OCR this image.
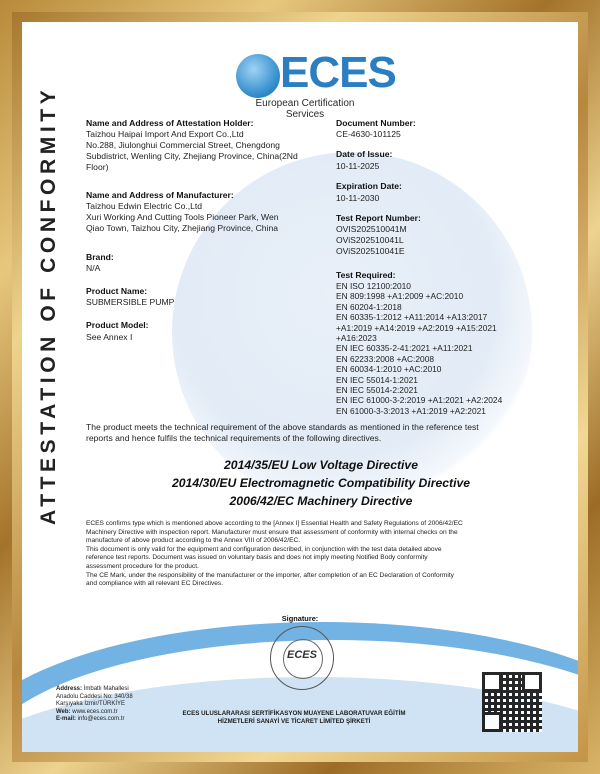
ATTESTATION OF CONFORMITY
ECES
European Certification Services
Name and Address of Attestation Holder:
Taizhou Haipai Import And Export Co.,Ltd
No.288, Jiulonghui Commercial Street, Chengdong
Subdistrict, Wenling City, Zhejiang Province, China(2Nd
Floor)
Name and Address of Manufacturer:
Taizhou Edwin Electric Co.,Ltd
Xuri Working And Cutting Tools Pioneer Park, Wen
Qiao Town, Taizhou City, Zhejiang Province, China
Brand:
N/A
Product Name:
SUBMERSIBLE PUMP
Product Model:
See Annex I
Document Number:
CE-4630-101125
Date of Issue:
10-11-2025
Expiration Date:
10-11-2030
Test Report Number:
OVIS202510041M
OViS202510041L
OViS202510041E
Test Required:
EN ISO 12100:2010
EN 809:1998 +A1:2009 +AC:2010
EN 60204-1:2018
EN 60335-1:2012 +A11:2014 +A13:2017
+A1:2019 +A14:2019 +A2:2019 +A15:2021
+A16:2023
EN IEC 60335-2-41:2021 +A11:2021
EN 62233:2008 +AC:2008
EN 60034-1:2010 +AC:2010
EN IEC 55014-1:2021
EN IEC 55014-2:2021
EN IEC 61000-3-2:2019 +A1:2021 +A2:2024
EN 61000-3-3:2013 +A1:2019 +A2:2021
The product meets the technical requirement of the above standards as mentioned in the reference test
reports and hence fulfils the technical requirements of the following directives.
2014/35/EU Low Voltage Directive
2014/30/EU Electromagnetic Compatibility Directive
2006/42/EC Machinery Directive
ECES confirms type which is mentioned above according to the [Annex I] Essential Health and Safety Regulations of 2006/42/EC
Machinery Directive with inspection report. Manufacturer must ensure that assessment of conformity with internal checks on the
manufacture of above product according to the Annex VIII of 2006/42/EC.
This document is only valid for the equipment and configuration described, in conjunction with the test data detailed above
reference test reports. Document was issued on voluntary basis and does not imply meeting Notified Body conformity
assessment procedure for the product.
The CE Mark, under the responsibility of the manufacturer or the importer, after completion of an EC Declaration of Conformity
and compliance with all relevant EC Directives.
Signature:
ECES
Address: İmbatlı Mahallesi
Anadolu Caddesi No: 340/38
Karşıyaka İzmir/TÜRKİYE
Web: www.eces.com.tr
E-mail: info@eces.com.tr
ECES ULUSLARARASI SERTİFİKASYON MUAYENE LABORATUVAR EĞİTİM
HİZMETLERİ SANAYİ VE TİCARET LİMİTED ŞİRKETİ
